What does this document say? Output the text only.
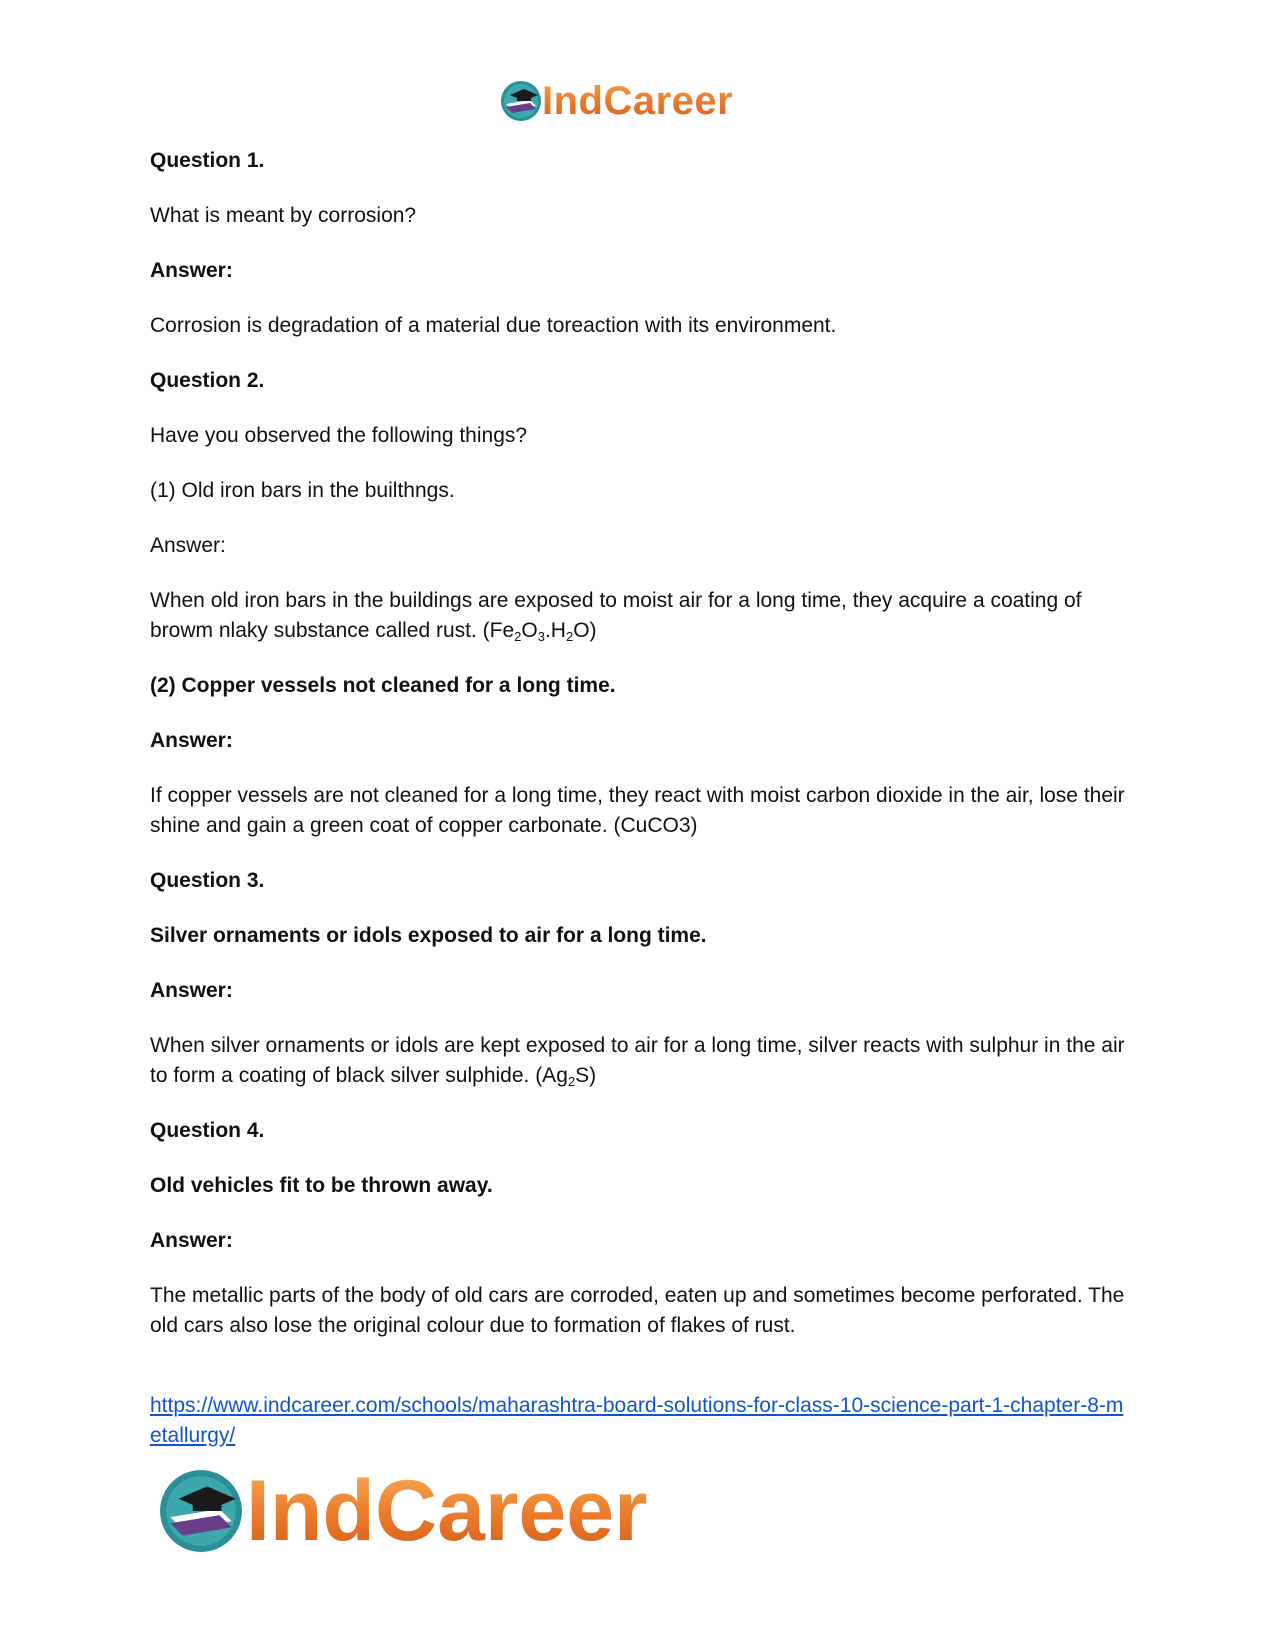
IndCareer

Question 1.

What is meant by corrosion?

Answer:

Corrosion is degradation of a material due toreaction with its environment.

Question 2.

Have you observed the following things?

(1) Old iron bars in the builthngs.

Answer:

When old iron bars in the buildings are exposed to moist air for a long time, they acquire a coating of browm nlaky substance called rust. $(Fe_2O_3.H_2O)$

(2) Copper vessels not cleaned for a long time.

Answer:

If copper vessels are not cleaned for a long time, they react with moist carbon dioxide in the air, lose their shine and gain a green coat of copper carbonate. (CuCO3)

Question 3.

Silver ornaments or idols exposed to air for a long time.

Answer:

When silver ornaments or idols are kept exposed to air for a long time, silver reacts with sulphur in the air to form a coating of black silver sulphide. $(Ag_2S)$

Question 4.

Old vehicles fit to be thrown away.

Answer:

The metallic parts of the body of old cars are corroded, eaten up and sometimes become perforated. The old cars also lose the original colour due to formation of flakes of rust.

https://www.indcareer.com/schools/maharashtra-board-solutions-for-class-10-science-part-1-chapter-8-metallurgy/
IndCareer
